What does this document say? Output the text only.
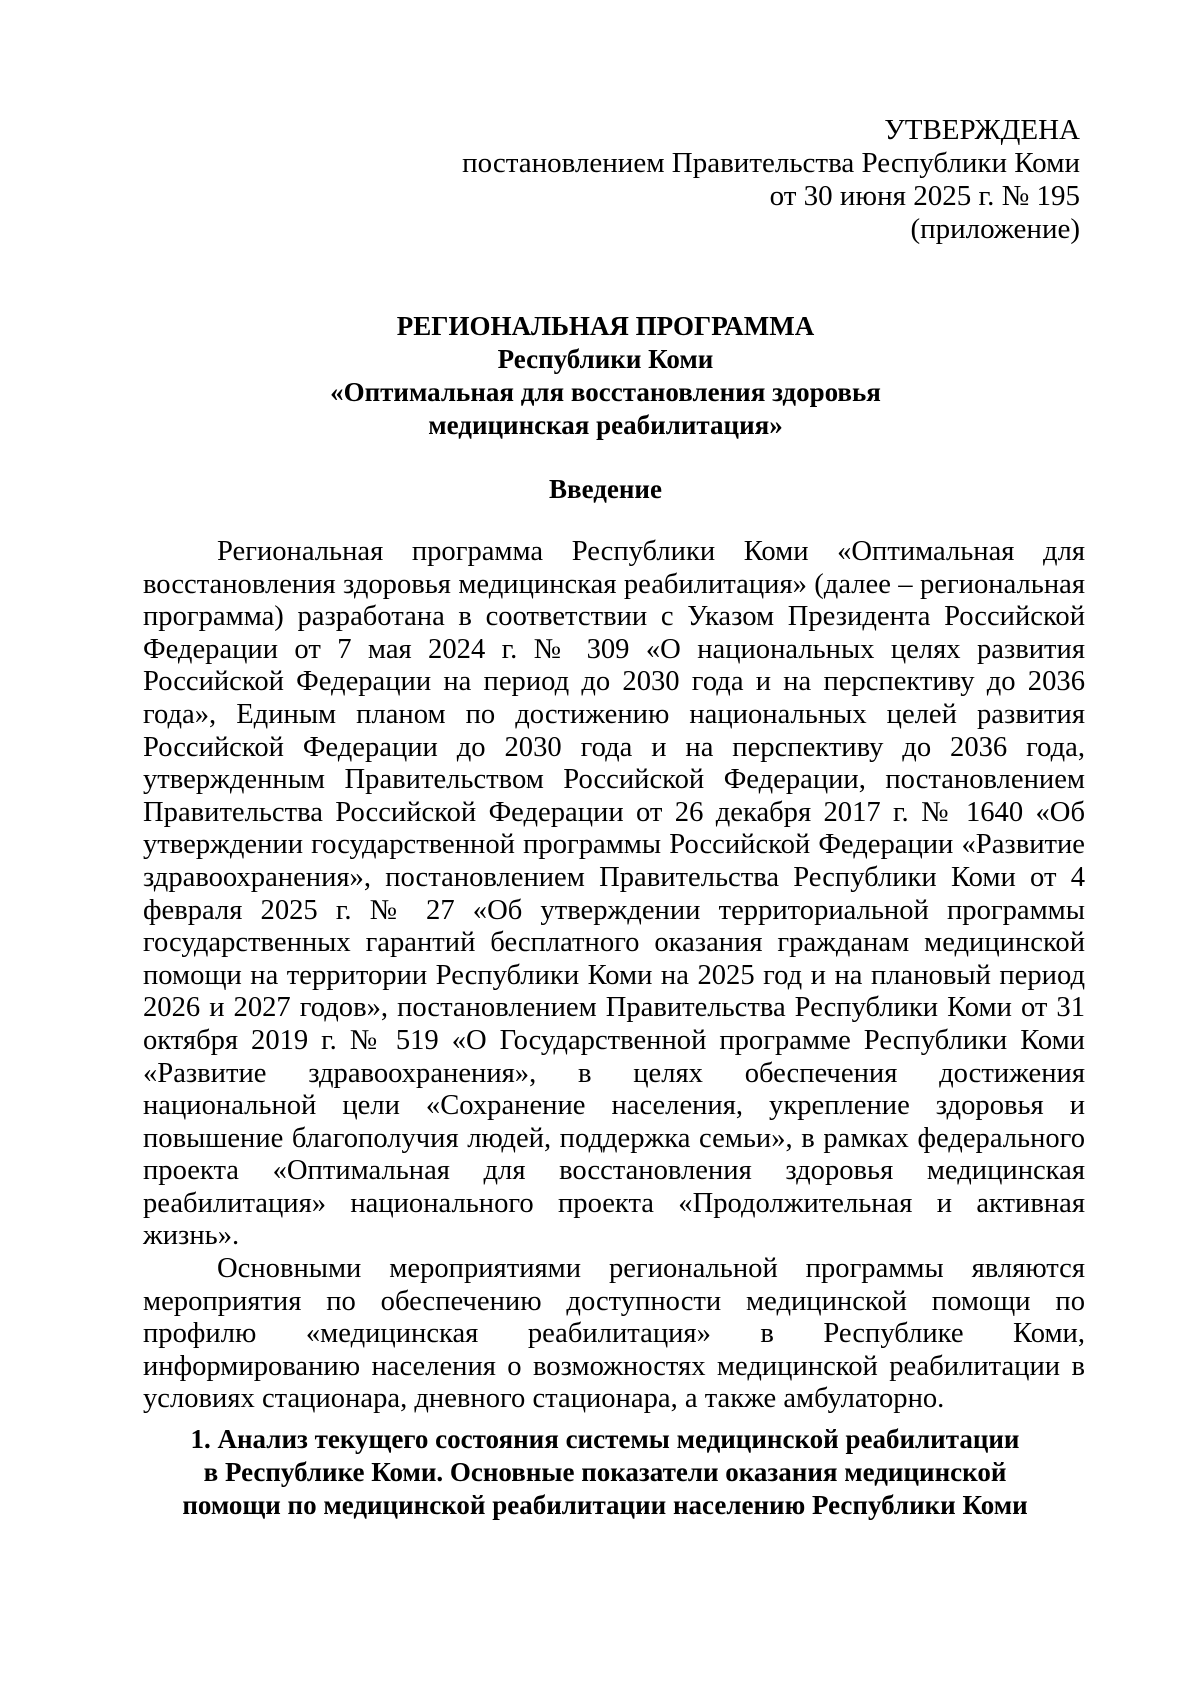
УТВЕРЖДЕНА
постановлением Правительства Республики Коми
от 30 июня 2025 г. № 195
(приложение)
РЕГИОНАЛЬНАЯ ПРОГРАММА
Республики Коми
«Оптимальная для восстановления здоровья
медицинская реабилитация»
Введение

Региональная программа Республики Коми «Оптимальная для восстановления здоровья медицинская реабилитация» (далее – региональная программа) разработана в соответствии с Указом Президента Российской Федерации от 7 мая 2024 г. № 309 «О национальных целях развития Российской Федерации на период до 2030 года и на перспективу до 2036 года», Единым планом по достижению национальных целей развития Российской Федерации до 2030 года и на перспективу до 2036 года, утвержденным Правительством Российской Федерации, постановлением Правительства Российской Федерации от 26 декабря 2017 г. № 1640 «Об утверждении государственной программы Российской Федерации «Развитие здравоохранения», постановлением Правительства Республики Коми от 4 февраля 2025 г. № 27 «Об утверждении территориальной программы государственных гарантий бесплатного оказания гражданам медицинской помощи на территории Республики Коми на 2025 год и на плановый период 2026 и 2027 годов», постановлением Правительства Республики Коми от 31 октября 2019 г. № 519 «О Государственной программе Республики Коми «Развитие здравоохранения», в целях обеспечения достижения национальной цели «Сохранение населения, укрепление здоровья и повышение благополучия людей, поддержка семьи», в рамках федерального проекта «Оптимальная для восстановления здоровья медицинская реабилитация» национального проекта «Продолжительная и активная жизнь».

Основными мероприятиями региональной программы являются мероприятия по обеспечению доступности медицинской помощи по профилю «медицинская реабилитация» в Республике Коми, информированию населения о возможностях медицинской реабилитации в условиях стационара, дневного стационара, а также амбулаторно.

1. Анализ текущего состояния системы медицинской реабилитации
в Республике Коми. Основные показатели оказания медицинской
помощи по медицинской реабилитации населению Республики Коми
